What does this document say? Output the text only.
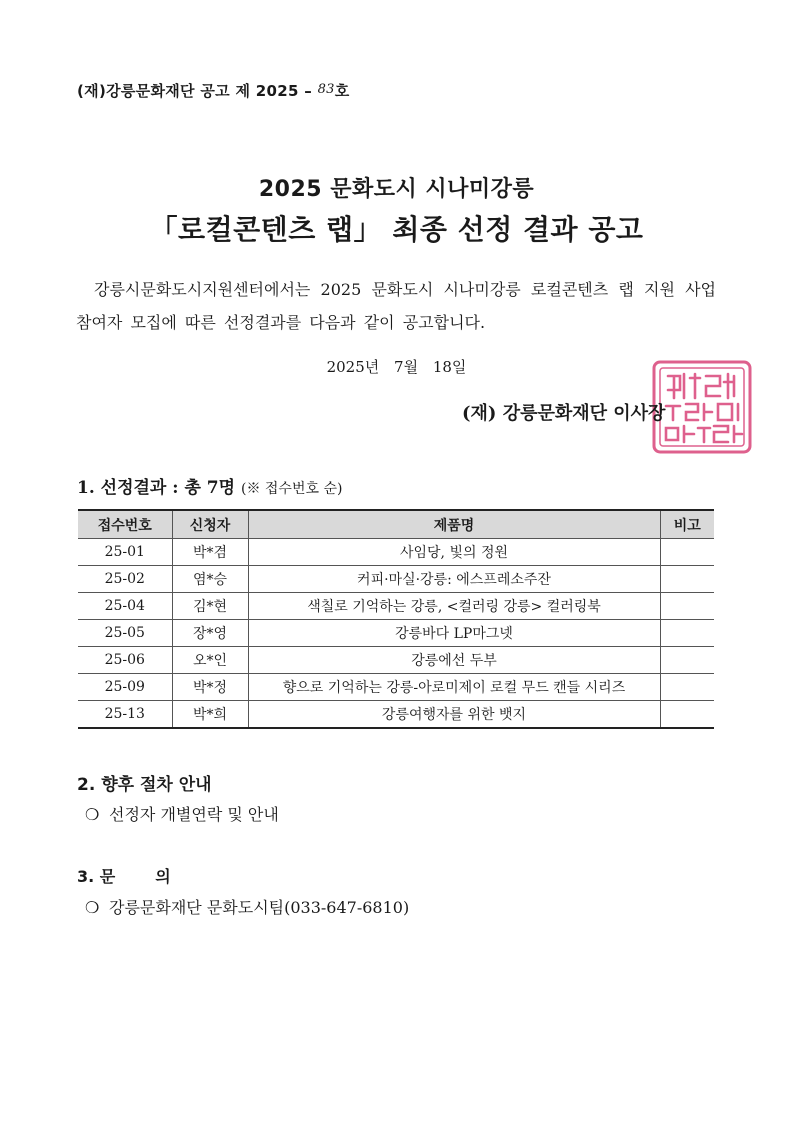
(재)강릉문화재단 공고 제 2025 – 83호
2025 문화도시 시나미강릉
「로컬콘텐츠 랩」 최종 선정 결과 공고
강릉시문화도시지원센터에서는 2025 문화도시 시나미강릉 로컬콘텐츠 랩 지원 사업 참여자 모집에 따른 선정결과를 다음과 같이 공고합니다.
2025년 7월 18일
(재) 강릉문화재단 이사장
1. 선정결과 : 총 7명 (※ 접수번호 순)
접수번호	신청자	제품명	비고
25-01	박*겸	사임당, 빛의 정원	
25-02	염*승	커피·마실·강릉: 에스프레소주잔	
25-04	김*현	색칠로 기억하는 강릉, <컬러링 강릉> 컬러링북	
25-05	장*영	강릉바다 LP마그넷	
25-06	오*인	강릉에선 두부	
25-09	박*정	향으로 기억하는 강릉-아로미제이 로컬 무드 캔들 시리즈	
25-13	박*희	강릉여행자를 위한 뱃지	
2. 향후 절차 안내
❍ 선정자 개별연락 및 안내
3. 문	의
❍ 강릉문화재단 문화도시팀(033-647-6810)
